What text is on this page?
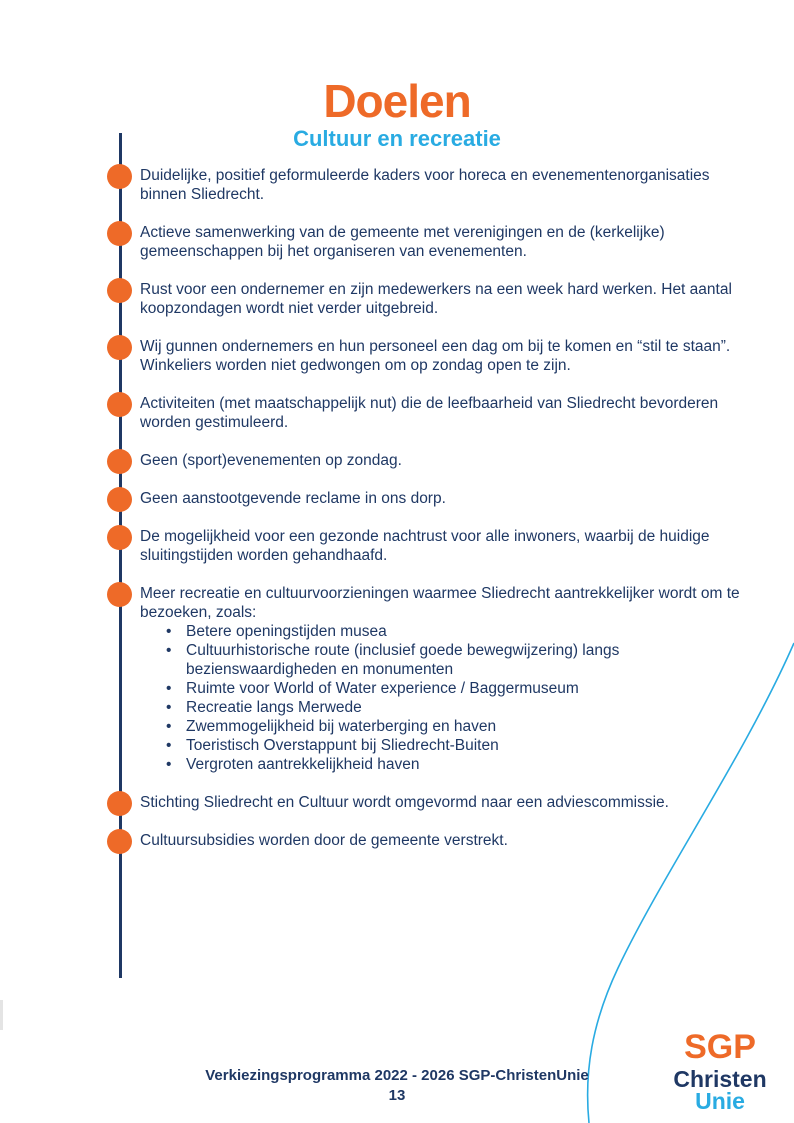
Doelen
Cultuur en recreatie
Duidelijke, positief geformuleerde kaders voor horeca en evenementenorganisaties binnen Sliedrecht.
Actieve samenwerking van de gemeente met verenigingen en de (kerkelijke) gemeenschappen bij het organiseren van evenementen.
Rust voor een ondernemer en zijn medewerkers na een week hard werken. Het aantal koopzondagen wordt niet verder uitgebreid.
Wij gunnen ondernemers en hun personeel een dag om bij te komen en “stil te staan”. Winkeliers worden niet gedwongen om op zondag open te zijn.
Activiteiten (met maatschappelijk nut) die de leefbaarheid van Sliedrecht bevorderen worden gestimuleerd.
Geen (sport)evenementen op zondag.
Geen aanstootgevende reclame in ons dorp.
De mogelijkheid voor een gezonde nachtrust voor alle inwoners, waarbij de huidige sluitingstijden worden gehandhaafd.
Meer recreatie en cultuurvoorzieningen waarmee Sliedrecht aantrekkelijker wordt om te bezoeken, zoals:
• Betere openingstijden musea
• Cultuurhistorische route (inclusief goede bewegwijzering) langs bezienswaardigheden en monumenten
• Ruimte voor World of Water experience / Baggermuseum
• Recreatie langs Merwede
• Zwemmogelijkheid bij waterberging en haven
• Toeristisch Overstappunt bij Sliedrecht-Buiten
• Vergroten aantrekkelijkheid haven
Stichting Sliedrecht en Cultuur wordt omgevormd naar een adviescommissie.
Cultuursubsidies worden door de gemeente verstrekt.
Verkiezingsprogramma 2022 - 2026 SGP-ChristenUnie
13
SGP
Christen
Unie
